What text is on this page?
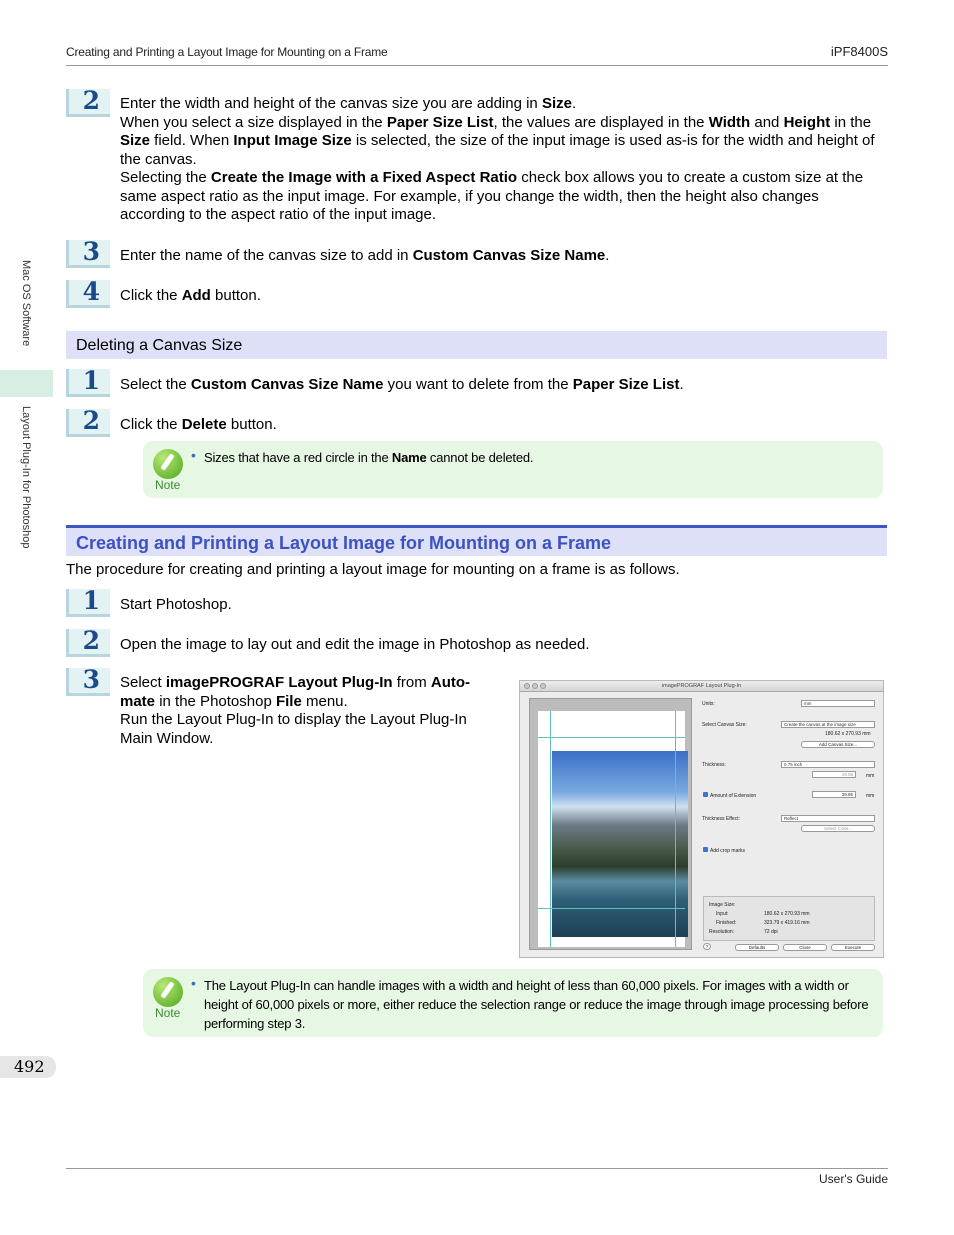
Creating and Printing a Layout Image for Mounting on a Frame	iPF8400S
Mac OS Software
Layout Plug-In for Photoshop
2 Enter the width and height of the canvas size you are adding in Size.
When you select a size displayed in the Paper Size List, the values are displayed in the Width and Height in the Size field. When Input Image Size is selected, the size of the input image is used as-is for the width and height of the canvas.
Selecting the Create the Image with a Fixed Aspect Ratio check box allows you to create a custom size at the same aspect ratio as the input image. For example, if you change the width, then the height also changes according to the aspect ratio of the input image.
3 Enter the name of the canvas size to add in Custom Canvas Size Name.
4 Click the Add button.
Deleting a Canvas Size
1 Select the Custom Canvas Size Name you want to delete from the Paper Size List.
2 Click the Delete button.
Note
• Sizes that have a red circle in the Name cannot be deleted.
Creating and Printing a Layout Image for Mounting on a Frame
The procedure for creating and printing a layout image for mounting on a frame is as follows.
1 Start Photoshop.
2 Open the image to lay out and edit the image in Photoshop as needed.
3 Select imagePROGRAF Layout Plug-In from Auto-
mate in the Photoshop File menu.
Run the Layout Plug-In to display the Layout Plug-In
Main Window.
imagePROGRAF Layout Plug-In
Units:	mm
Select Canvas Size:	Create the canvas at the image size
180.62 x 270.93 mm
Add Canvas Size...
Thickness:	0.75 inch
19.05	mm
Amount of Extension	39.86	mm
Thickness Effect:	Reflect
Select Color...
Add crop marks
Image Size:
Input:	180.62 x 270.93 mm
Finished:	323.79 x 419.16 mm
Resolution:	72 dpi
?	Defaults	Close	Execute
Note
• The Layout Plug-In can handle images with a width and height of less than 60,000 pixels. For images with a width or height of 60,000 pixels or more, either reduce the selection range or reduce the image through image processing before performing step 3.
492
User's Guide
